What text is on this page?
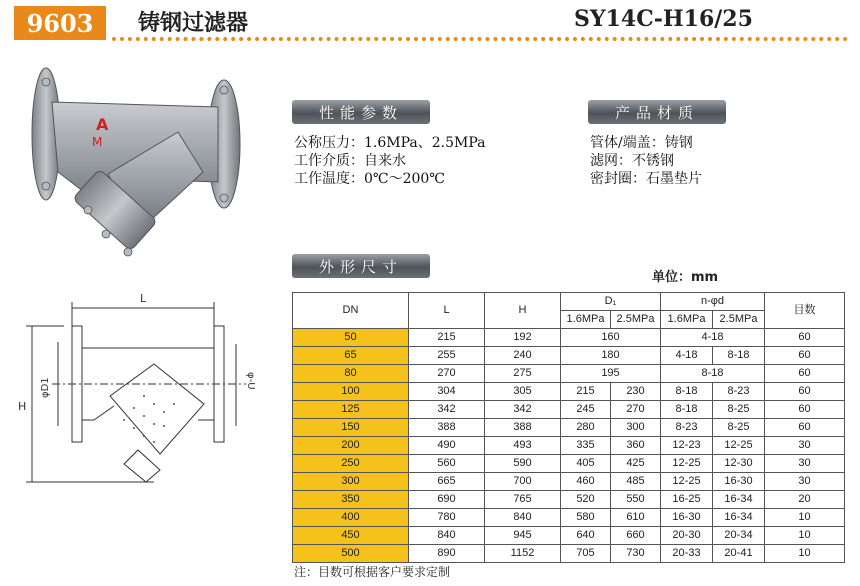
9603	铸钢过滤器	SY14C-H16/25
A
M
性能参数
公称压力：1.6MPa、2.5MPa
工作介质：自来水
工作温度：0℃～200℃
产品材质
管体/端盖：铸钢
滤网：不锈钢
密封圈：石墨垫片
外形尺寸
单位：mm
L
H
φD1	φ-U
DN	L	H	D₁		n-φd		目数
			1.6MPa	2.5MPa	1.6MPa	2.5MPa	
50	215	192	160		4-18		60
65	255	240	180		4-18	8-18	60
80	270	275	195		8-18		60
100	304	305	215	230	8-18	8-23	60
125	342	342	245	270	8-18	8-25	60
150	388	388	280	300	8-23	8-25	60
200	490	493	335	360	12-23	12-25	30
250	560	590	405	425	12-25	12-30	30
300	665	700	460	485	12-25	16-30	30
350	690	765	520	550	16-25	16-34	20
400	780	840	580	610	16-30	16-34	10
450	840	945	640	660	20-30	20-34	10
500	890	1152	705	730	20-33	20-41	10
注：目数可根据客户要求定制
